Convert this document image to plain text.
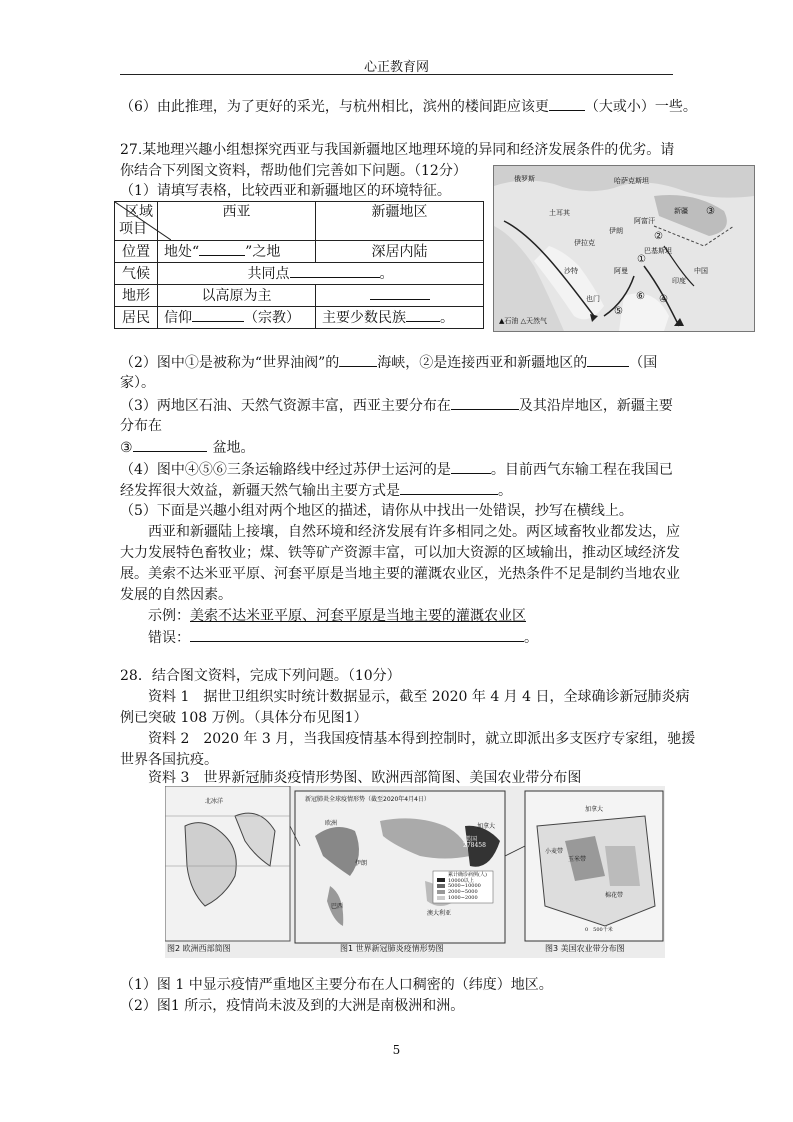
心正教育网
（6）由此推理，为了更好的采光，与杭州相比，滨州的楼间距应该更	（大或小）一些。
27.某地理兴趣小组想探究西亚与我国新疆地区地理环境的异同和经济发展条件的优劣。请
你结合下列图文资料，帮助他们完善如下问题。（12分）
（1）请填写表格，比较西亚和新疆地区的环境特征。
区域
项目	西亚	新疆地区
位置	地处“ ”之地	深居内陆
气候	共同点 。	
地形	以高原为主	
居民	信仰 （宗教）	主要少数民族 。
俄罗斯	哈萨克斯坦
新疆
中国
土耳其
伊朗
伊拉克
沙特
巴基斯坦
印度
阿富汗
也门
阿曼
▲石油 △天然气
①
②
③
④
⑤
⑥
（2）图中①是被称为“世界油阀”的	海峡，②是连接西亚和新疆地区的	（国
家）。
（3）两地区石油、天然气资源丰富，西亚主要分布在	及其沿岸地区，新疆主要
分布在
③	盆地。
（4）图中④⑤⑥三条运输路线中经过苏伊士运河的是	。目前西气东输工程在我国已
经发挥很大效益，新疆天然气输出主要方式是	。
（5）下面是兴趣小组对两个地区的描述，请你从中找出一处错误，抄写在横线上。
西亚和新疆陆上接壤，自然环境和经济发展有许多相同之处。两区域畜牧业都发达，应
大力发展特色畜牧业；煤、铁等矿产资源丰富，可以加大资源的区域输出，推动区域经济发
展。美索不达米亚平原、河套平原是当地主要的灌溉农业区，光热条件不足是制约当地农业
发展的自然因素。
示例：美索不达米亚平原、河套平原是当地主要的灌溉农业区
错误：	。
28．结合图文资料，完成下列问题。（10分）
资料 1　据世卫组织实时统计数据显示，截至 2020 年 4 月 4 日，全球确诊新冠肺炎病
例已突破 108 万例。（具体分布见图1）
资料 2　2020 年 3 月，当我国疫情基本得到控制时，就立即派出多支医疗专家组，驰援
世界各国抗疫。
资料 3　世界新冠肺炎疫情形势图、欧洲西部简图、美国农业带分布图
新冠肺炎全球疫情形势（截至2020年4月4日）
美国
278458
加拿大
欧洲
北冰洋
伊朗
巴西
澳大利亚
累计确诊病例(人)
10000以上
5000~10000
2000~5000
1000~2000
加拿大
玉米带
棉花带
小麦带
0　500千米
图2 欧洲西部简图	图1 世界新冠肺炎疫情形势图	图3 美国农业带分布图
（1）图 1 中显示疫情严重地区主要分布在人口稠密的（纬度）地区。
（2）图1 所示，疫情尚未波及到的大洲是南极洲和洲。
5
